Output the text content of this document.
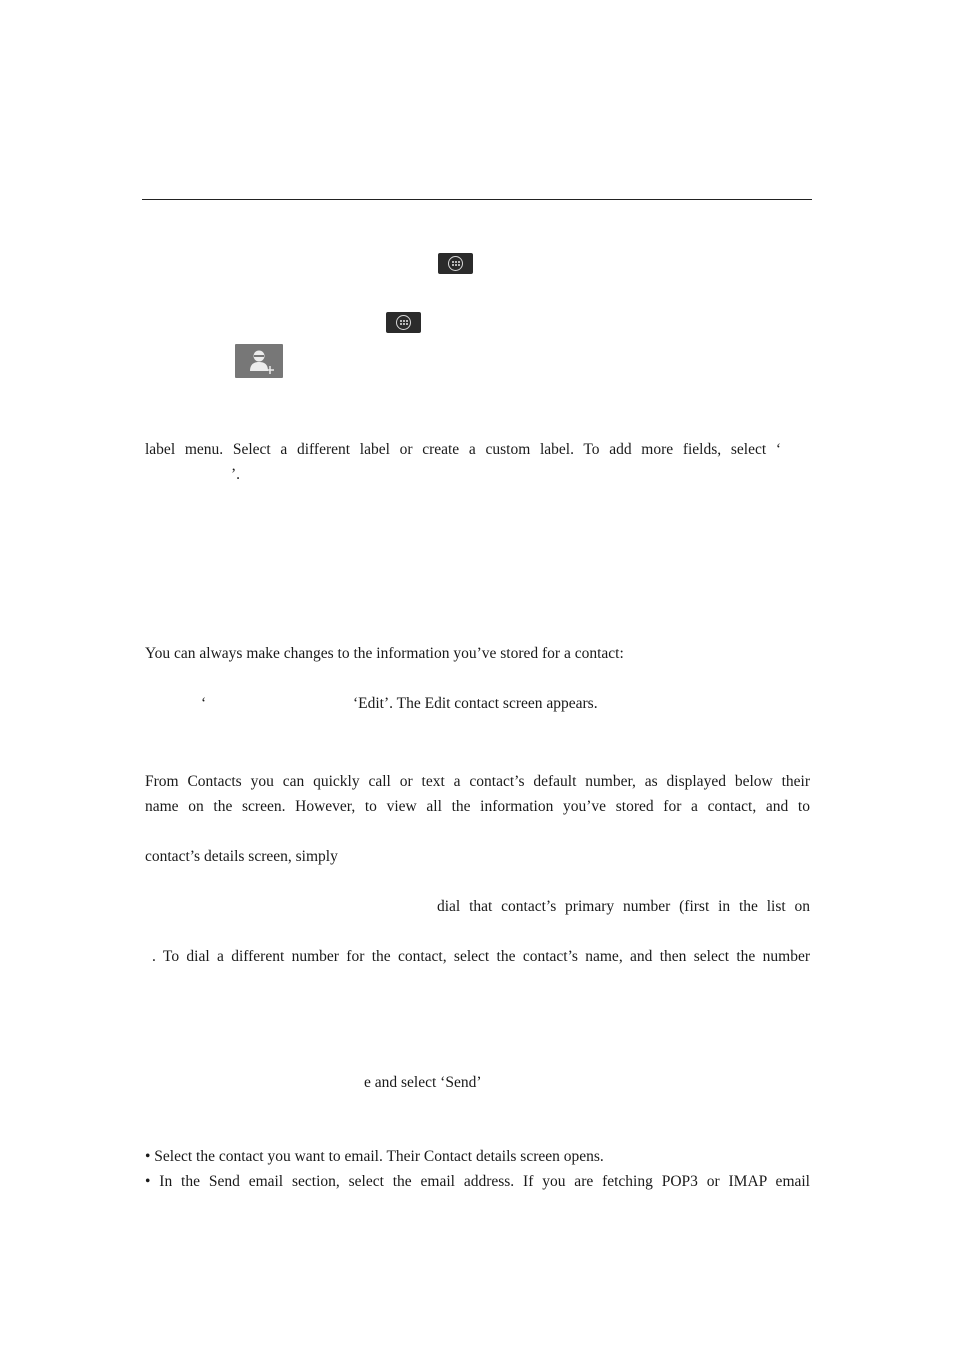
label menu. Select a different label or create a custom label. To add more fields, select ‘
’.
You can always make changes to the information you’ve stored for a contact:
‘	‘Edit’. The Edit contact screen appears.
From Contacts you can quickly call or text a contact’s default number, as displayed below their
name on the screen. However, to view all the information you’ve stored for a contact, and to
contact’s details screen, simply
dial that contact’s primary number (first in the list on
. To dial a different number for the contact, select the contact’s name, and then select the number
e and select ‘Send’
• Select the contact you want to email. Their Contact details screen opens.
• In the Send email section, select the email address. If you are fetching POP3 or IMAP email
